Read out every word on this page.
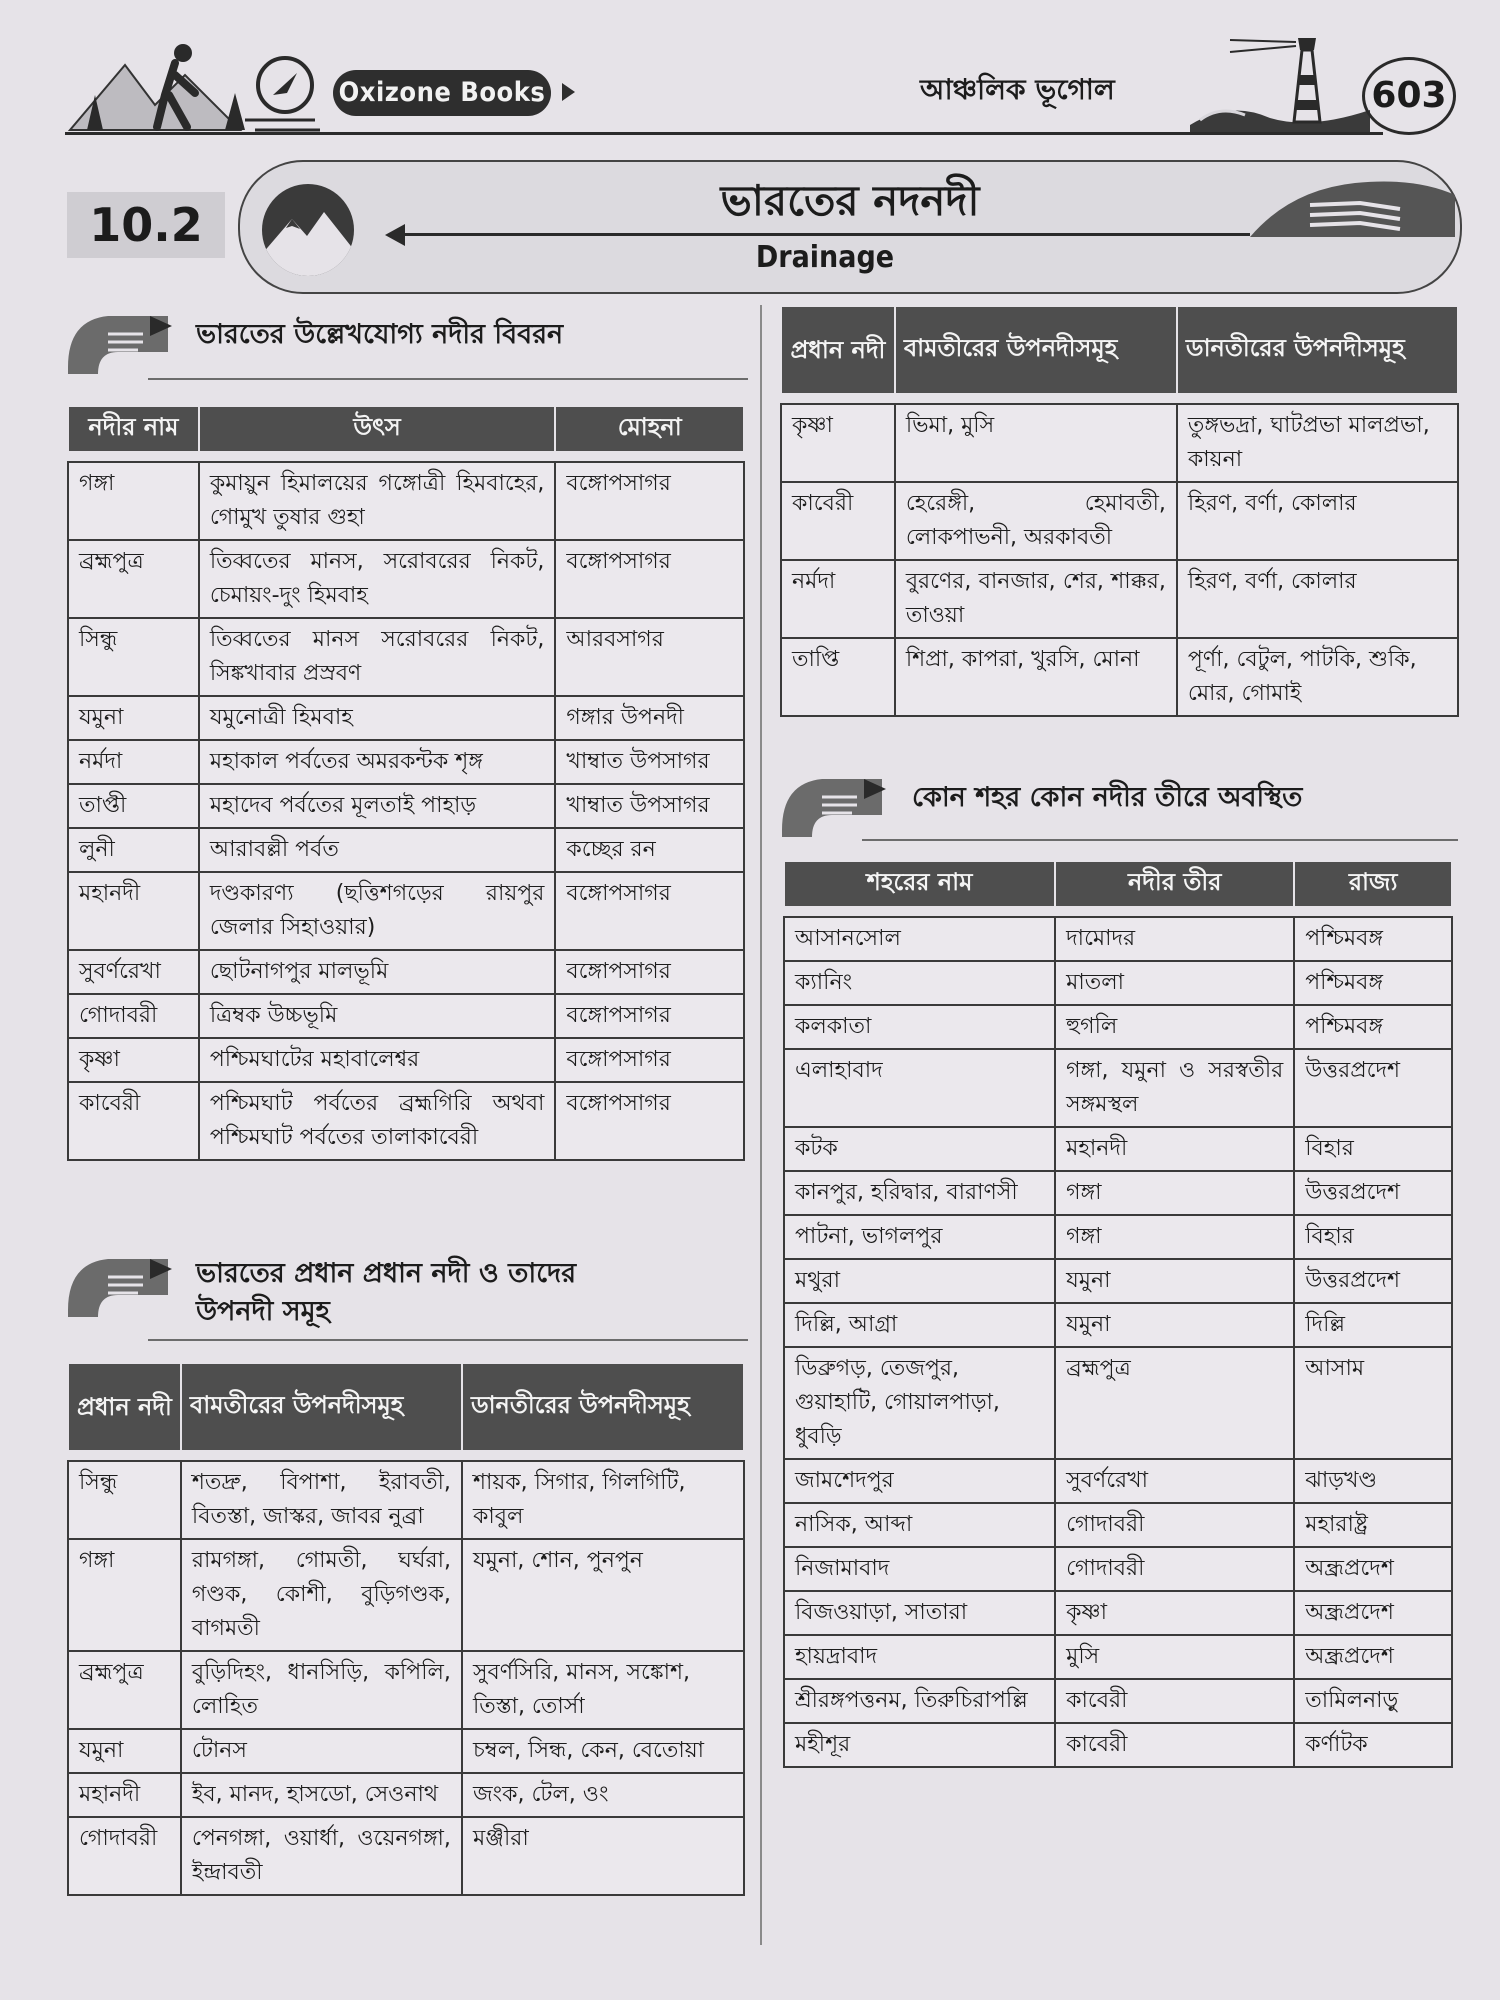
Oxizone Books	আঞ্চলিক ভূগোল	603
10.2	ভারতের নদনদী
Drainage
ভারতের উল্লেখযোগ্য নদীর বিবরন
নদীর নাম	উৎস	মোহনা

গঙ্গা	কুমায়ুন হিমালয়ের গঙ্গোত্রী হিমবাহের, গোমুখ তুষার গুহা	বঙ্গোপসাগর
ব্রহ্মপুত্র	তিব্বতের মানস, সরোবরের নিকট, চেমায়ং-দুং হিমবাহ	বঙ্গোপসাগর
সিন্ধু	তিব্বতের মানস সরোবরের নিকট, সিঙ্কখাবার প্রস্রবণ	আরবসাগর
যমুনা	যমুনোত্রী হিমবাহ	গঙ্গার উপনদী
নর্মদা	মহাকাল পর্বতের অমরকন্টক শৃঙ্গ	খাম্বাত উপসাগর
তাপ্তী	মহাদেব পর্বতের মূলতাই পাহাড়	খাম্বাত উপসাগর
লুনী	আরাবল্লী পর্বত	কচ্ছের রন
মহানদী	দণ্ডকারণ্য (ছত্তিশগড়ের রায়পুর জেলার সিহাওয়ার)	বঙ্গোপসাগর
সুবর্ণরেখা	ছোটনাগপুর মালভূমি	বঙ্গোপসাগর
গোদাবরী	ত্রিম্বক উচ্চভূমি	বঙ্গোপসাগর
কৃষ্ণা	পশ্চিমঘাটের মহাবালেশ্বর	বঙ্গোপসাগর
কাবেরী	পশ্চিমঘাট পর্বতের ব্রহ্মগিরি অথবা পশ্চিমঘাট পর্বতের তালাকাবেরী	বঙ্গোপসাগর
ভারতের প্রধান প্রধান নদী ও তাদের
উপনদী সমূহ
প্রধান নদী	বামতীরের উপনদীসমূহ	ডানতীরের উপনদীসমূহ

সিন্ধু	শতদ্রু, বিপাশা, ইরাবতী, বিতস্তা, জাস্কর, জাবর নুব্রা	শায়ক, সিগার, গিলগিটি, কাবুল
গঙ্গা	রামগঙ্গা, গোমতী, ঘর্ঘরা, গণ্ডক, কোশী, বুড়িগণ্ডক, বাগমতী	যমুনা, শোন, পুনপুন
ব্রহ্মপুত্র	বুড়িদিহং, ধানসিড়ি, কপিলি, লোহিত	সুবর্ণসিরি, মানস, সঙ্কোশ, তিস্তা, তোর্সা
যমুনা	টোনস	চম্বল, সিন্ধ, কেন, বেতোয়া
মহানদী	ইব, মানদ, হাসডো, সেওনাথ	জংক, টেল, ওং
গোদাবরী	পেনগঙ্গা, ওয়ার্ধা, ওয়েনগঙ্গা, ইন্দ্রাবতী	মঞ্জীরা
প্রধান নদী	বামতীরের উপনদীসমূহ	ডানতীরের উপনদীসমূহ

কৃষ্ণা	ভিমা, মুসি	তুঙ্গভদ্রা, ঘাটপ্রভা মালপ্রভা, কায়না
কাবেরী	হেরেঙ্গী, হেমাবতী, লোকপাভনী, অরকাবতী	হিরণ, বর্ণা, কোলার
নর্মদা	বুরণের, বানজার, শের, শাক্কর, তাওয়া	হিরণ, বর্ণা, কোলার
তাপ্তি	শিপ্রা, কাপরা, খুরসি, মোনা	পূর্ণা, বেটুল, পাটকি, শুকি, মোর, গোমাই
কোন শহর কোন নদীর তীরে অবস্থিত
শহরের নাম	নদীর তীর	রাজ্য

আসানসোল	দামোদর	পশ্চিমবঙ্গ
ক্যানিং	মাতলা	পশ্চিমবঙ্গ
কলকাতা	হুগলি	পশ্চিমবঙ্গ
এলাহাবাদ	গঙ্গা, যমুনা ও সরস্বতীর সঙ্গমস্থল	উত্তরপ্রদেশ
কটক	মহানদী	বিহার
কানপুর, হরিদ্বার, বারাণসী	গঙ্গা	উত্তরপ্রদেশ
পাটনা, ভাগলপুর	গঙ্গা	বিহার
মথুরা	যমুনা	উত্তরপ্রদেশ
দিল্লি, আগ্রা	যমুনা	দিল্লি
ডিব্রুগড়, তেজপুর, গুয়াহাটি, গোয়ালপাড়া, ধুবড়ি	ব্রহ্মপুত্র	আসাম
জামশেদপুর	সুবর্ণরেখা	ঝাড়খণ্ড
নাসিক, আব্দা	গোদাবরী	মহারাষ্ট্র
নিজামাবাদ	গোদাবরী	অন্ধ্রপ্রদেশ
বিজওয়াড়া, সাতারা	কৃষ্ণা	অন্ধ্রপ্রদেশ
হায়দ্রাবাদ	মুসি	অন্ধ্রপ্রদেশ
শ্রীরঙ্গপত্তনম, তিরুচিরাপল্লি	কাবেরী	তামিলনাড়ু
মহীশূর	কাবেরী	কর্ণাটক
